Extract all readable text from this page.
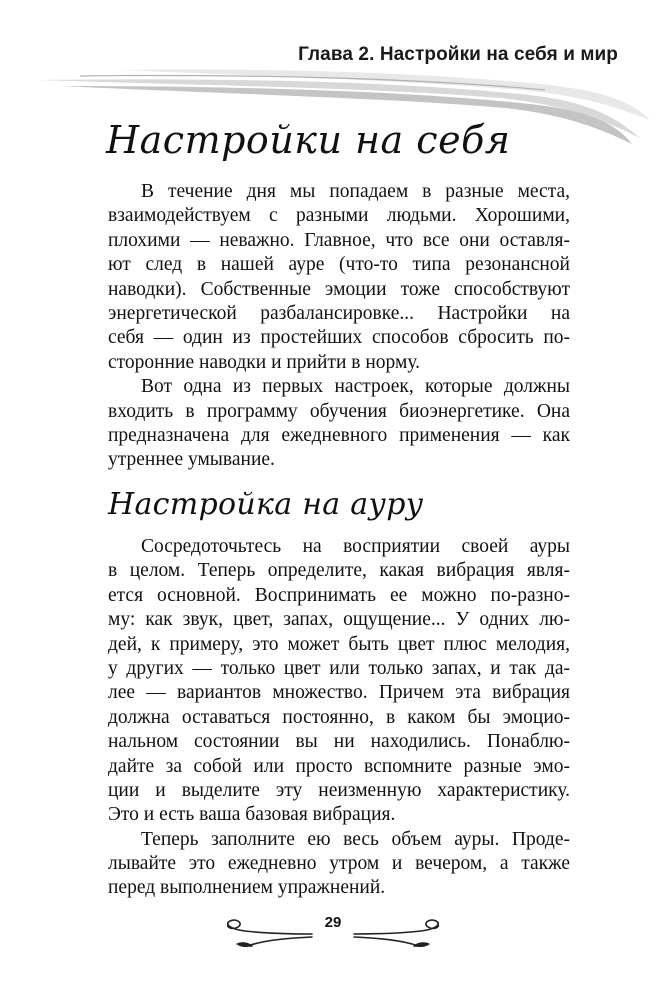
Глава 2. Настройки на себя и мир
Настройки на себя
В течение дня мы попадаем в разные места,
взаимодействуем с разными людьми. Хорошими,
плохими — неважно. Главное, что все они оставля-
ют след в нашей ауре (что-то типа резонансной
наводки). Собственные эмоции тоже способствуют
энергетической разбалансировке... Настройки на
себя — один из простейших способов сбросить по-
сторонние наводки и прийти в норму.
Вот одна из первых настроек, которые должны
входить в программу обучения биоэнергетике. Она
предназначена для ежедневного применения — как
утреннее умывание.
Настройка на ауру
Сосредоточьтесь на восприятии своей ауры
в целом. Теперь определите, какая вибрация явля-
ется основной. Воспринимать ее можно по-разно-
му: как звук, цвет, запах, ощущение... У одних лю-
дей, к примеру, это может быть цвет плюс мелодия,
у других — только цвет или только запах, и так да-
лее — вариантов множество. Причем эта вибрация
должна оставаться постоянно, в каком бы эмоцио-
нальном состоянии вы ни находились. Понаблю-
дайте за собой или просто вспомните разные эмо-
ции и выделите эту неизменную характеристику.
Это и есть ваша базовая вибрация.
Теперь заполните ею весь объем ауры. Проде-
лывайте это ежедневно утром и вечером, а также
перед выполнением упражнений.
29
